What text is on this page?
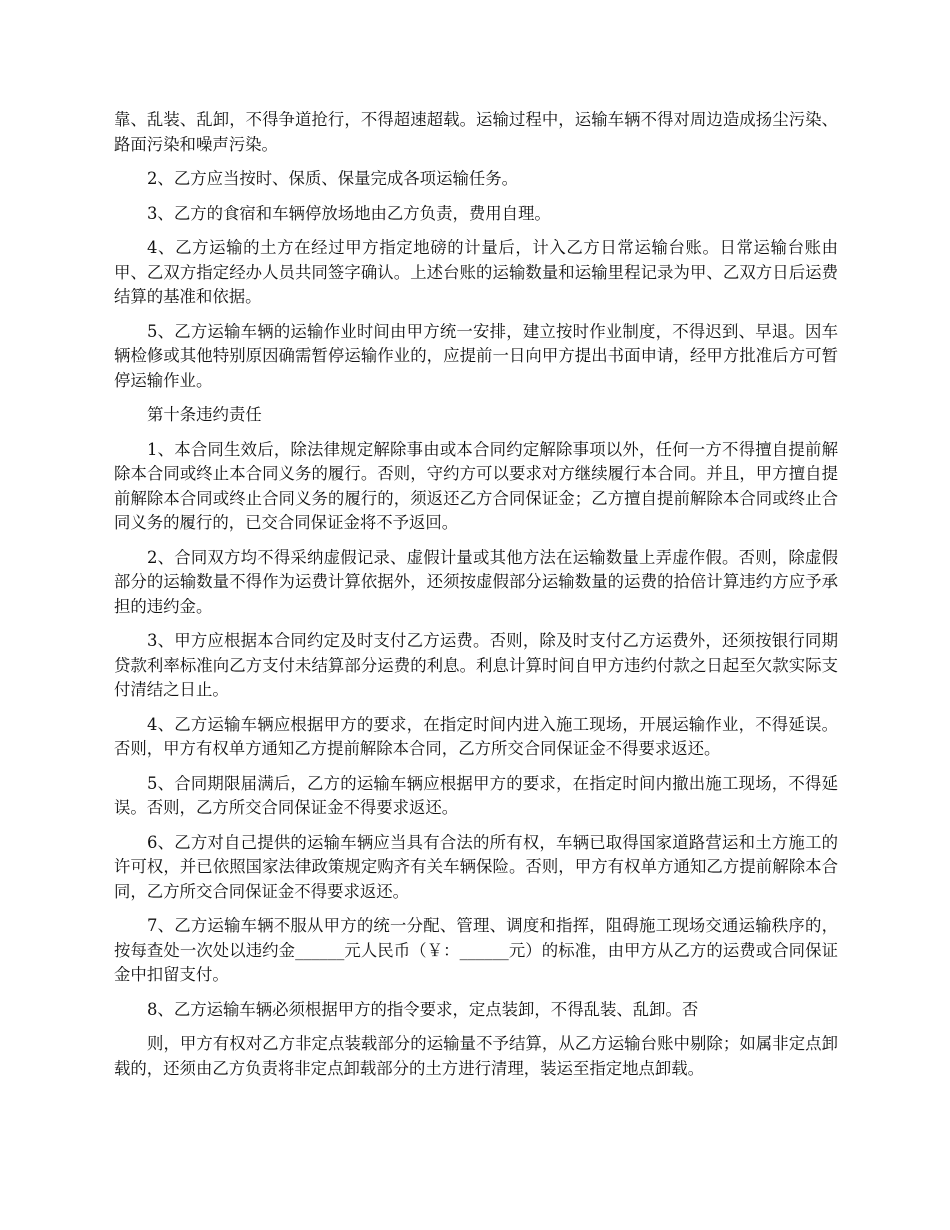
靠、乱装、乱卸，不得争道抢行，不得超速超载。运输过程中，运输车辆不得对周边造成扬尘污染、路面污染和噪声污染。

2、乙方应当按时、保质、保量完成各项运输任务。

3、乙方的食宿和车辆停放场地由乙方负责，费用自理。

4、乙方运输的土方在经过甲方指定地磅的计量后，计入乙方日常运输台账。日常运输台账由甲、乙双方指定经办人员共同签字确认。上述台账的运输数量和运输里程记录为甲、乙双方日后运费结算的基准和依据。

5、乙方运输车辆的运输作业时间由甲方统一安排，建立按时作业制度，不得迟到、早退。因车辆检修或其他特别原因确需暂停运输作业的，应提前一日向甲方提出书面申请，经甲方批准后方可暂停运输作业。

第十条违约责任

1、本合同生效后，除法律规定解除事由或本合同约定解除事项以外，任何一方不得擅自提前解除本合同或终止本合同义务的履行。否则，守约方可以要求对方继续履行本合同。并且，甲方擅自提前解除本合同或终止合同义务的履行的，须返还乙方合同保证金；乙方擅自提前解除本合同或终止合同义务的履行的，已交合同保证金将不予返回。

2、合同双方均不得采纳虚假记录、虚假计量或其他方法在运输数量上弄虚作假。否则，除虚假部分的运输数量不得作为运费计算依据外，还须按虚假部分运输数量的运费的拾倍计算违约方应予承担的违约金。

3、甲方应根据本合同约定及时支付乙方运费。否则，除及时支付乙方运费外，还须按银行同期贷款利率标准向乙方支付未结算部分运费的利息。利息计算时间自甲方违约付款之日起至欠款实际支付清结之日止。

4、乙方运输车辆应根据甲方的要求，在指定时间内进入施工现场，开展运输作业，不得延误。否则，甲方有权单方通知乙方提前解除本合同，乙方所交合同保证金不得要求返还。

5、合同期限届满后，乙方的运输车辆应根据甲方的要求，在指定时间内撤出施工现场，不得延误。否则，乙方所交合同保证金不得要求返还。

6、乙方对自己提供的运输车辆应当具有合法的所有权，车辆已取得国家道路营运和土方施工的许可权，并已依照国家法律政策规定购齐有关车辆保险。否则，甲方有权单方通知乙方提前解除本合同，乙方所交合同保证金不得要求返还。

7、乙方运输车辆不服从甲方的统一分配、管理、调度和指挥，阻碍施工现场交通运输秩序的，按每查处一次处以违约金______元人民币（￥：______元）的标准，由甲方从乙方的运费或合同保证金中扣留支付。

8、乙方运输车辆必须根据甲方的指令要求，定点装卸，不得乱装、乱卸。否

则，甲方有权对乙方非定点装载部分的运输量不予结算，从乙方运输台账中剔除；如属非定点卸载的，还须由乙方负责将非定点卸载部分的土方进行清理，装运至指定地点卸载。
